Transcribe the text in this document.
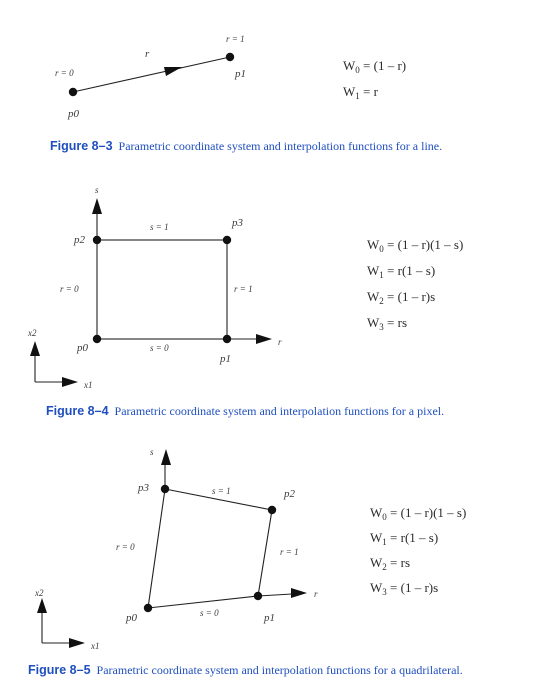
r = 0
r = 1
r
p0
p1
s
r
s = 1
s = 0
r = 0	r = 1
p2
p3
p0
p1
x2
x1
s
r
s = 1
s = 0
r = 0	r = 1
p3	p2
p0	p1
x2
x1
$W_0 = (1 - r)$
$W_1 = r$
Figure 8–3 Parametric coordinate system and interpolation functions for a line.
$W_0 = (1 - r)(1 - s)$
$W_1 = r(1 - s)$
$W_2 = (1 - r)s$
$W_3$ = rs
Figure 8–4 Parametric coordinate system and interpolation functions for a pixel.
$W_0 = (1 - r)(1 - s)$
$W_1 = r(1 - s)$
$W_2$ = rs
$W_3 = (1 - r)s$
Figure 8–5 Parametric coordinate system and interpolation functions for a quadrilateral.
